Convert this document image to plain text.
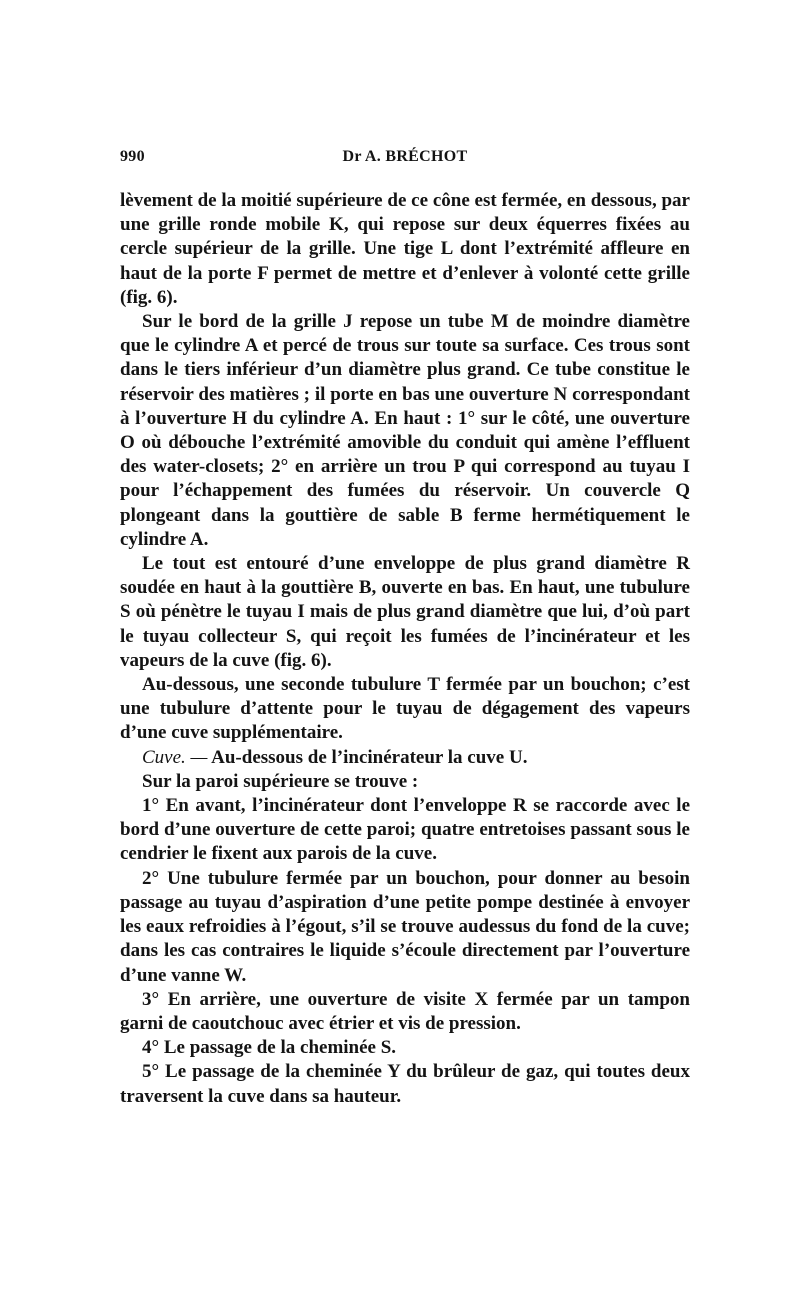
990	Dr A. BRÉCHOT

lèvement de la moitié supérieure de ce cône est fermée, en dessous, par une grille ronde mobile K, qui repose sur deux équerres fixées au cercle supérieur de la grille. Une tige L dont l’extrémité affleure en haut de la porte F permet de mettre et d’enlever à volonté cette grille (fig. 6).

Sur le bord de la grille J repose un tube M de moindre diamètre que le cylindre A et percé de trous sur toute sa surface. Ces trous sont dans le tiers inférieur d’un diamètre plus grand. Ce tube constitue le réservoir des matières ; il porte en bas une ouverture N correspondant à l’ouverture H du cylindre A. En haut : 1° sur le côté, une ouverture O où débouche l’extrémité amovible du conduit qui amène l’effluent des water-closets; 2° en arrière un trou P qui correspond au tuyau I pour l’échappement des fumées du réservoir. Un couvercle Q plongeant dans la gouttière de sable B ferme hermétiquement le cylindre A.

Le tout est entouré d’une enveloppe de plus grand diamètre R soudée en haut à la gouttière B, ouverte en bas. En haut, une tubulure S où pénètre le tuyau I mais de plus grand diamètre que lui, d’où part le tuyau collecteur S, qui reçoit les fumées de l’incinérateur et les vapeurs de la cuve (fig. 6).

Au-dessous, une seconde tubulure T fermée par un bouchon; c’est une tubulure d’attente pour le tuyau de dégagement des vapeurs d’une cuve supplémentaire.

Cuve. — Au-dessous de l’incinérateur la cuve U.

Sur la paroi supérieure se trouve :

1° En avant, l’incinérateur dont l’enveloppe R se raccorde avec le bord d’une ouverture de cette paroi; quatre entretoises passant sous le cendrier le fixent aux parois de la cuve.

2° Une tubulure fermée par un bouchon, pour donner au besoin passage au tuyau d’aspiration d’une petite pompe destinée à envoyer les eaux refroidies à l’égout, s’il se trouve audessus du fond de la cuve; dans les cas contraires le liquide s’écoule directement par l’ouverture d’une vanne W.

3° En arrière, une ouverture de visite X fermée par un tampon garni de caoutchouc avec étrier et vis de pression.

4° Le passage de la cheminée S.

5° Le passage de la cheminée Y du brûleur de gaz, qui toutes deux traversent la cuve dans sa hauteur.
